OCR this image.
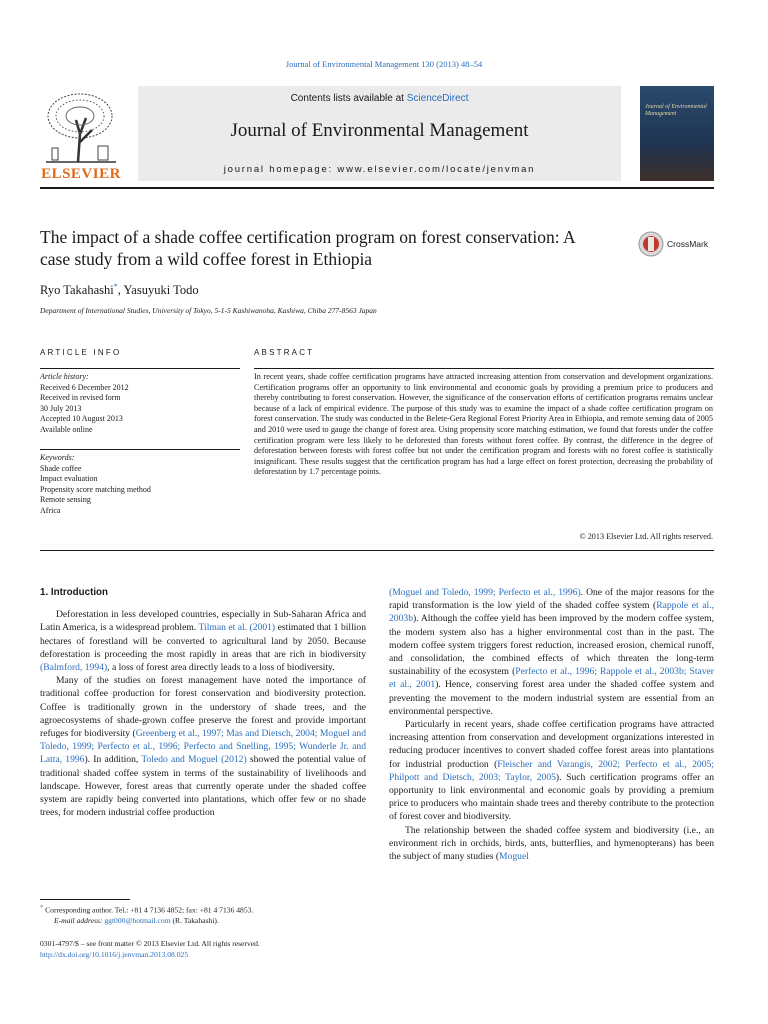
Journal of Environmental Management 130 (2013) 48–54
ELSEVIER
Contents lists available at ScienceDirect
Journal of Environmental Management
journal homepage: www.elsevier.com/locate/jenvman
Journal of Environmental Management
The impact of a shade coffee certification program on forest conservation: A case study from a wild coffee forest in Ethiopia
CrossMark
Ryo Takahashi*, Yasuyuki Todo
Department of International Studies, University of Tokyo, 5-1-5 Kashiwanoha, Kashiwa, Chiba 277-8563 Japan
ARTICLE INFO	ABSTRACT
Article history:
Received 6 December 2012
Received in revised form
30 July 2013
Accepted 10 August 2013
Available online
Keywords:
Shade coffee
Impact evaluation
Propensity score matching method
Remote sensing
Africa
In recent years, shade coffee certification programs have attracted increasing attention from conservation and development organizations. Certification programs offer an opportunity to link environmental and economic goals by providing a premium price to producers and thereby contributing to forest conservation. However, the significance of the conservation efforts of certification programs remains unclear because of a lack of empirical evidence. The purpose of this study was to examine the impact of a shade coffee certification program on forest conservation. The study was conducted in the Belete-Gera Regional Forest Priority Area in Ethiopia, and remote sensing data of 2005 and 2010 were used to gauge the change of forest area. Using propensity score matching estimation, we found that forests under the coffee certification program were less likely to be deforested than forests without forest coffee. By contrast, the difference in the degree of deforestation between forests with forest coffee but not under the certification program and forests with no forest coffee is statistically insignificant. These results suggest that the certification program has had a large effect on forest protection, decreasing the probability of deforestation by 1.7 percentage points.
© 2013 Elsevier Ltd. All rights reserved.
1. Introduction

Deforestation in less developed countries, especially in Sub-Saharan Africa and Latin America, is a widespread problem. Tilman et al. (2001) estimated that 1 billion hectares of forestland will be converted to agricultural land by 2050. Because deforestation is proceeding the most rapidly in areas that are rich in biodiversity (Balmford, 1994), a loss of forest area directly leads to a loss of biodiversity.

Many of the studies on forest management have noted the importance of traditional coffee production for forest conservation and biodiversity protection. Coffee is traditionally grown in the understory of shade trees, and the agroecosystems of shade-grown coffee preserve the forest and provide important refuges for biodiversity (Greenberg et al., 1997; Mas and Dietsch, 2004; Moguel and Toledo, 1999; Perfecto et al., 1996; Perfecto and Snelling, 1995; Wunderle Jr. and Latta, 1996). In addition, Toledo and Moguel (2012) showed the potential value of traditional shaded coffee system in terms of the sustainability of livelihoods and landscape. However, forest areas that currently operate under the shaded coffee system are rapidly being converted into plantations, which offer few or no shade trees, for modern industrial coffee production

(Moguel and Toledo, 1999; Perfecto et al., 1996). One of the major reasons for the rapid transformation is the low yield of the shaded coffee system (Rappole et al., 2003b). Although the coffee yield has been improved by the modern coffee system, the modern system also has a higher environmental cost than in the past. The modern coffee system triggers forest reduction, increased erosion, chemical runoff, and consolidation, the combined effects of which threaten the long-term sustainability of the ecosystem (Perfecto et al., 1996; Rappole et al., 2003b; Staver et al., 2001). Hence, conserving forest area under the shaded coffee system and preventing the movement to the modern industrial system are essential from an environmental perspective.

Particularly in recent years, shade coffee certification programs have attracted increasing attention from conservation and development organizations interested in reducing producer incentives to convert shaded coffee forest areas into plantations for industrial production (Fleischer and Varangis, 2002; Perfecto et al., 2005; Philpott and Dietsch, 2003; Taylor, 2005). Such certification programs offer an opportunity to link environmental and economic goals by providing a premium price to producers who maintain shade trees and thereby contribute to the protection of forest cover and biodiversity.

The relationship between the shaded coffee system and biodiversity (i.e., an environment rich in orchids, birds, ants, butterflies, and hymenopterans) has been the subject of many studies (Moguel

* Corresponding author. Tel.: +81 4 7136 4852; fax: +81 4 7136 4853.
E-mail address: ggt000@hotmail.com (R. Takahashi).
0301-4797/$ – see front matter © 2013 Elsevier Ltd. All rights reserved.
http://dx.doi.org/10.1016/j.jenvman.2013.08.025
